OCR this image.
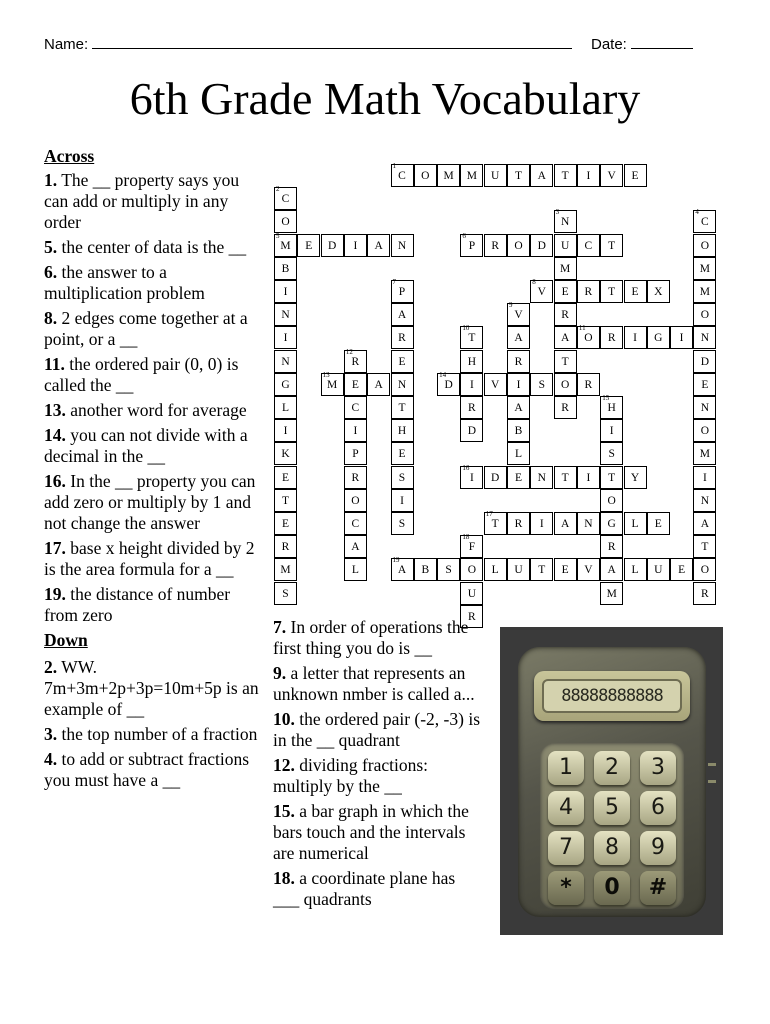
Name:	Date:
6th Grade Math Vocabulary
1
C	O	M	M	U	T	A	T	I	V	E
2
C
O
5
M
B
I
N
I
N
G
L
I
K
E
T
E
R
M
S
3
N
U
M
E
R
A
T
O
R
4
C
O
M
M
O
N
D
E
N
O
M
I
N
A
T
O
R
E	D	I	A	N
6
P	R	O	D	C	T
7
P
A
R
E
N
T
H
E
S
I
S
8
V	R	T	E	X
9
V
A
R
I
A
B
L
E
10
T
H
I
R
D
11
O	R	I	G	I
12
R
E
C
I
P
R
O
C
A
L
13
M	A
14
D	V	S	R
15
H
I
S
T
O
G
R
A
M
16
I	D	N	T	I	Y
17
T	R	I	A	N	L	E
18
F
O
U
R
19
A	B	S	L	U	T	E	V	L	U	E
Across
1. The __ property says you can add or multiply in any order
5. the center of data is the __
6. the answer to a multiplication problem
8. 2 edges come together at a point, or a __
11. the ordered pair (0, 0) is called the __
13. another word for average
14. you can not divide with a decimal in the __
16. In the __ property you can add zero or multiply by 1 and not change the answer
17. base x height divided by 2 is the area formula for a __
19. the distance of number from zero
Down
2. WW. 7m+3m+2p+3p=10m+5p is an example of __
3. the top number of a fraction
4. to add or subtract fractions you must have a __
7. In order of operations the first thing you do is __
9. a letter that represents an unknown nmber is called a...
10. the ordered pair (-2, -3) is in the __ quadrant
12. dividing fractions: multiply by the __
15. a bar graph in which the bars touch and the intervals are numerical
18. a coordinate plane has ___ quadrants
88888888888
1	2	3
4	5	6
7	8	9
*	0	#
